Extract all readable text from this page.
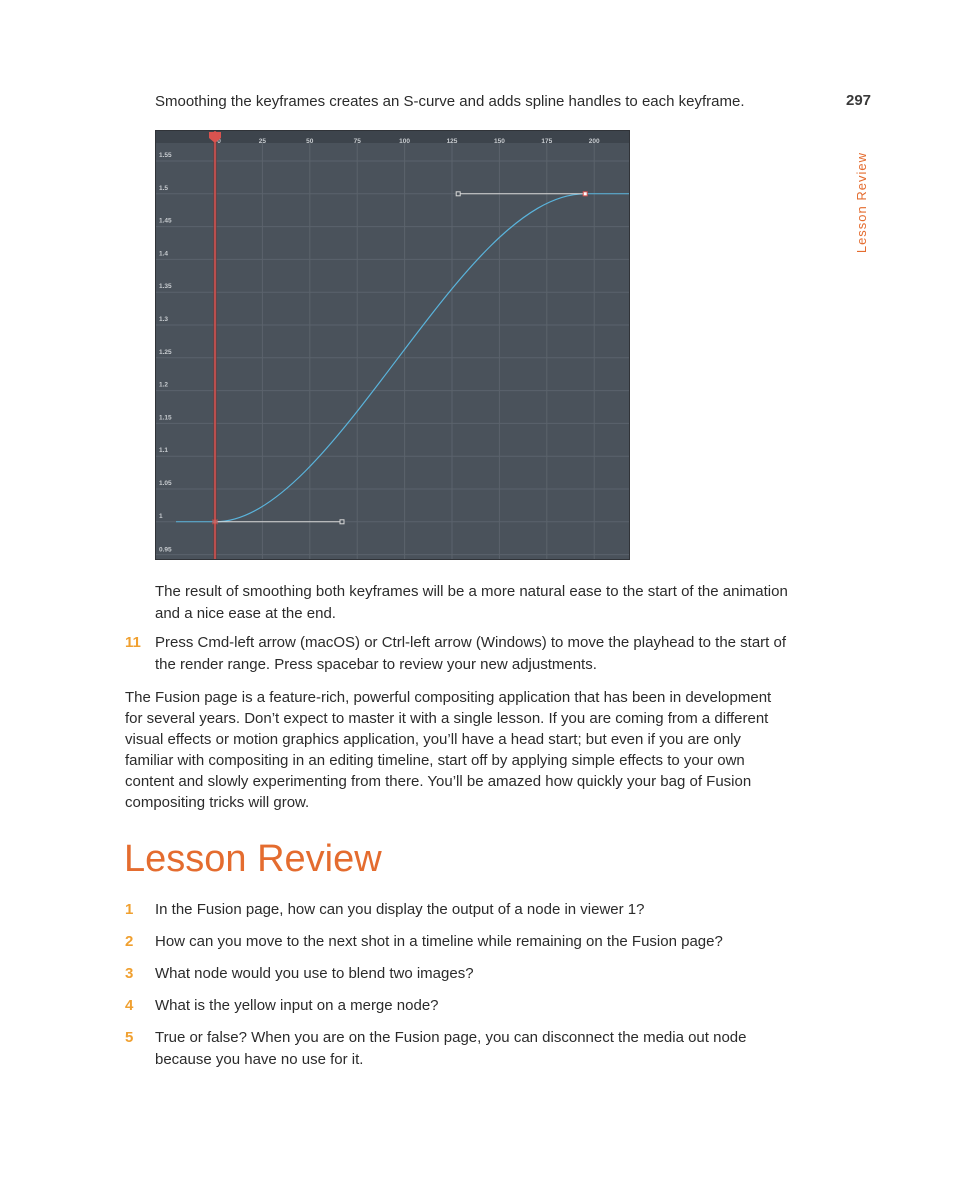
Smoothing the keyframes creates an S-curve and adds spline handles to each keyframe.	297
Lesson Review
0	25	50	75	100	125	150	175	200
1.55
1.5
1.45
1.4
1.35
1.3
1.25
1.2
1.15
1.1
1.05
1
0.95
The result of smoothing both keyframes will be a more natural ease to the start of the animation and a nice ease at the end.
11 Press Cmd-left arrow (macOS) or Ctrl-left arrow (Windows) to move the playhead to the start of the render range. Press spacebar to review your new adjustments.
The Fusion page is a feature-rich, powerful compositing application that has been in development for several years. Don’t expect to master it with a single lesson. If you are coming from a different visual effects or motion graphics application, you’ll have a head start; but even if you are only familiar with compositing in an editing timeline, start off by applying simple effects to your own content and slowly experimenting from there. You’ll be amazed how quickly your bag of Fusion compositing tricks will grow.
Lesson Review
1 In the Fusion page, how can you display the output of a node in viewer 1?
2 How can you move to the next shot in a timeline while remaining on the Fusion page?
3 What node would you use to blend two images?
4 What is the yellow input on a merge node?
5 True or false? When you are on the Fusion page, you can disconnect the media out node because you have no use for it.
